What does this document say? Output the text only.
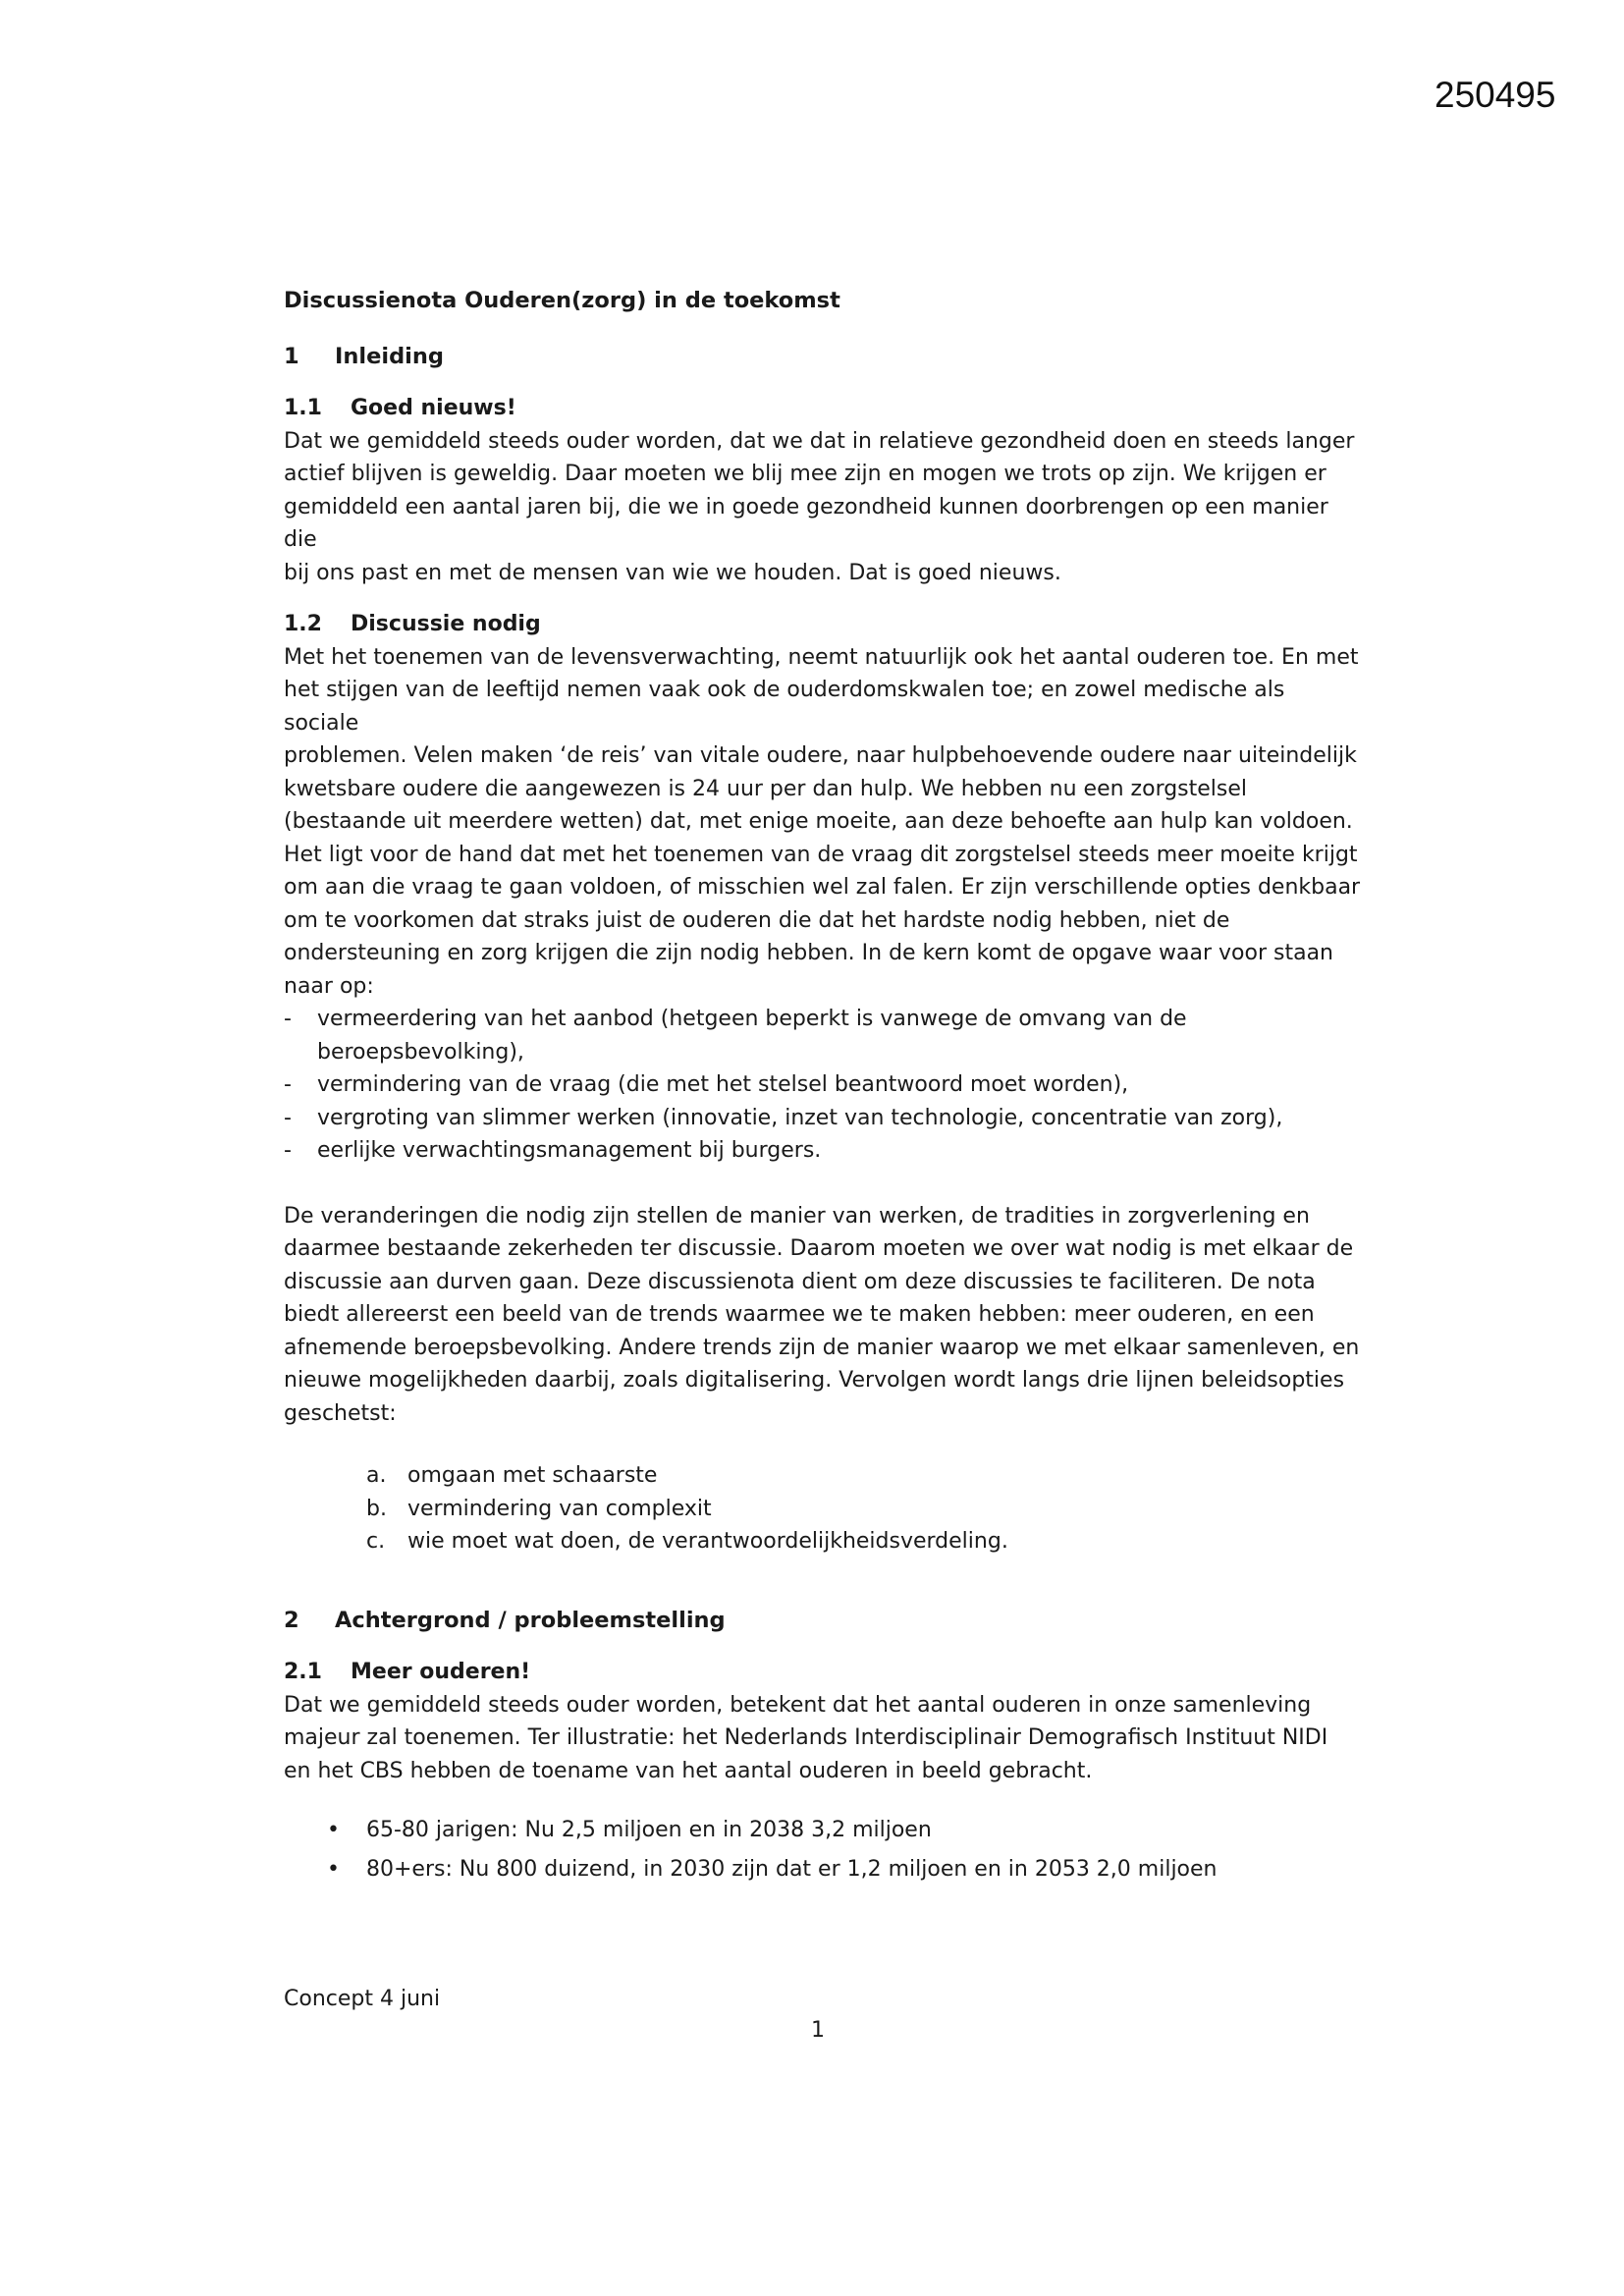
250495

Discussienota Ouderen(zorg) in de toekomst

1	Inleiding
1.1	Goed nieuws!

Dat we gemiddeld steeds ouder worden, dat we dat in relatieve gezondheid doen en steeds langer
actief blijven is geweldig. Daar moeten we blij mee zijn en mogen we trots op zijn. We krijgen er
gemiddeld een aantal jaren bij, die we in goede gezondheid kunnen doorbrengen op een manier die
bij ons past en met de mensen van wie we houden. Dat is goed nieuws.

1.2	Discussie nodig

Met het toenemen van de levensverwachting, neemt natuurlijk ook het aantal ouderen toe. En met
het stijgen van de leeftijd nemen vaak ook de ouderdomskwalen toe; en zowel medische als sociale
problemen. Velen maken ‘de reis’ van vitale oudere, naar hulpbehoevende oudere naar uiteindelijk
kwetsbare oudere die aangewezen is 24 uur per dan hulp. We hebben nu een zorgstelsel
(bestaande uit meerdere wetten) dat, met enige moeite, aan deze behoefte aan hulp kan voldoen.
Het ligt voor de hand dat met het toenemen van de vraag dit zorgstelsel steeds meer moeite krijgt
om aan die vraag te gaan voldoen, of misschien wel zal falen. Er zijn verschillende opties denkbaar
om te voorkomen dat straks juist de ouderen die dat het hardste nodig hebben, niet de
ondersteuning en zorg krijgen die zijn nodig hebben. In de kern komt de opgave waar voor staan
naar op:

- vermeerdering van het aanbod (hetgeen beperkt is vanwege de omvang van de
beroepsbevolking),
- vermindering van de vraag (die met het stelsel beantwoord moet worden),
- vergroting van slimmer werken (innovatie, inzet van technologie, concentratie van zorg),
- eerlijke verwachtingsmanagement bij burgers.

De veranderingen die nodig zijn stellen de manier van werken, de tradities in zorgverlening en
daarmee bestaande zekerheden ter discussie. Daarom moeten we over wat nodig is met elkaar de
discussie aan durven gaan. Deze discussienota dient om deze discussies te faciliteren. De nota
biedt allereerst een beeld van de trends waarmee we te maken hebben: meer ouderen, en een
afnemende beroepsbevolking. Andere trends zijn de manier waarop we met elkaar samenleven, en
nieuwe mogelijkheden daarbij, zoals digitalisering. Vervolgen wordt langs drie lijnen beleidsopties
geschetst:

a. omgaan met schaarste
b. vermindering van complexit
c.	wie moet wat doen, de verantwoordelijkheidsverdeling.
2	Achtergrond / probleemstelling
2.1	Meer ouderen!

Dat we gemiddeld steeds ouder worden, betekent dat het aantal ouderen in onze samenleving
majeur zal toenemen. Ter illustratie: het Nederlands Interdisciplinair Demografisch Instituut NIDI
en het CBS hebben de toename van het aantal ouderen in beeld gebracht.

•	65-80 jarigen: Nu 2,5 miljoen en in 2038 3,2 miljoen
•	80+ers: Nu 800 duizend, in 2030 zijn dat er 1,2 miljoen en in 2053 2,0 miljoen
Concept 4 juni
1
